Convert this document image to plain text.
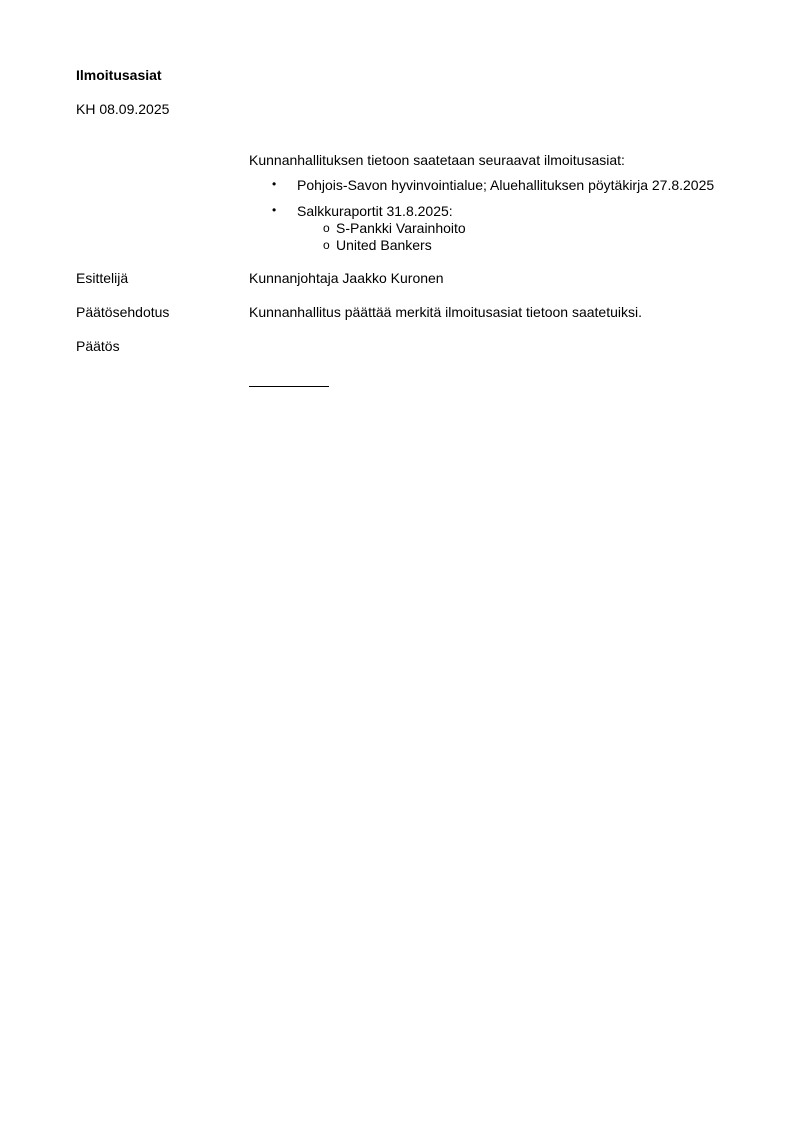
Ilmoitusasiat
KH 08.09.2025
Kunnanhallituksen tietoon saatetaan seuraavat ilmoitusasiat:
• Pohjois-Savon hyvinvointialue; Aluehallituksen pöytäkirja 27.8.2025
• Salkkuraportit 31.8.2025:
o S-Pankki Varainhoito
o United Bankers
Esittelijä	Kunnanjohtaja Jaakko Kuronen
Päätösehdotus	Kunnanhallitus päättää merkitä ilmoitusasiat tietoon saatetuiksi.
Päätös
